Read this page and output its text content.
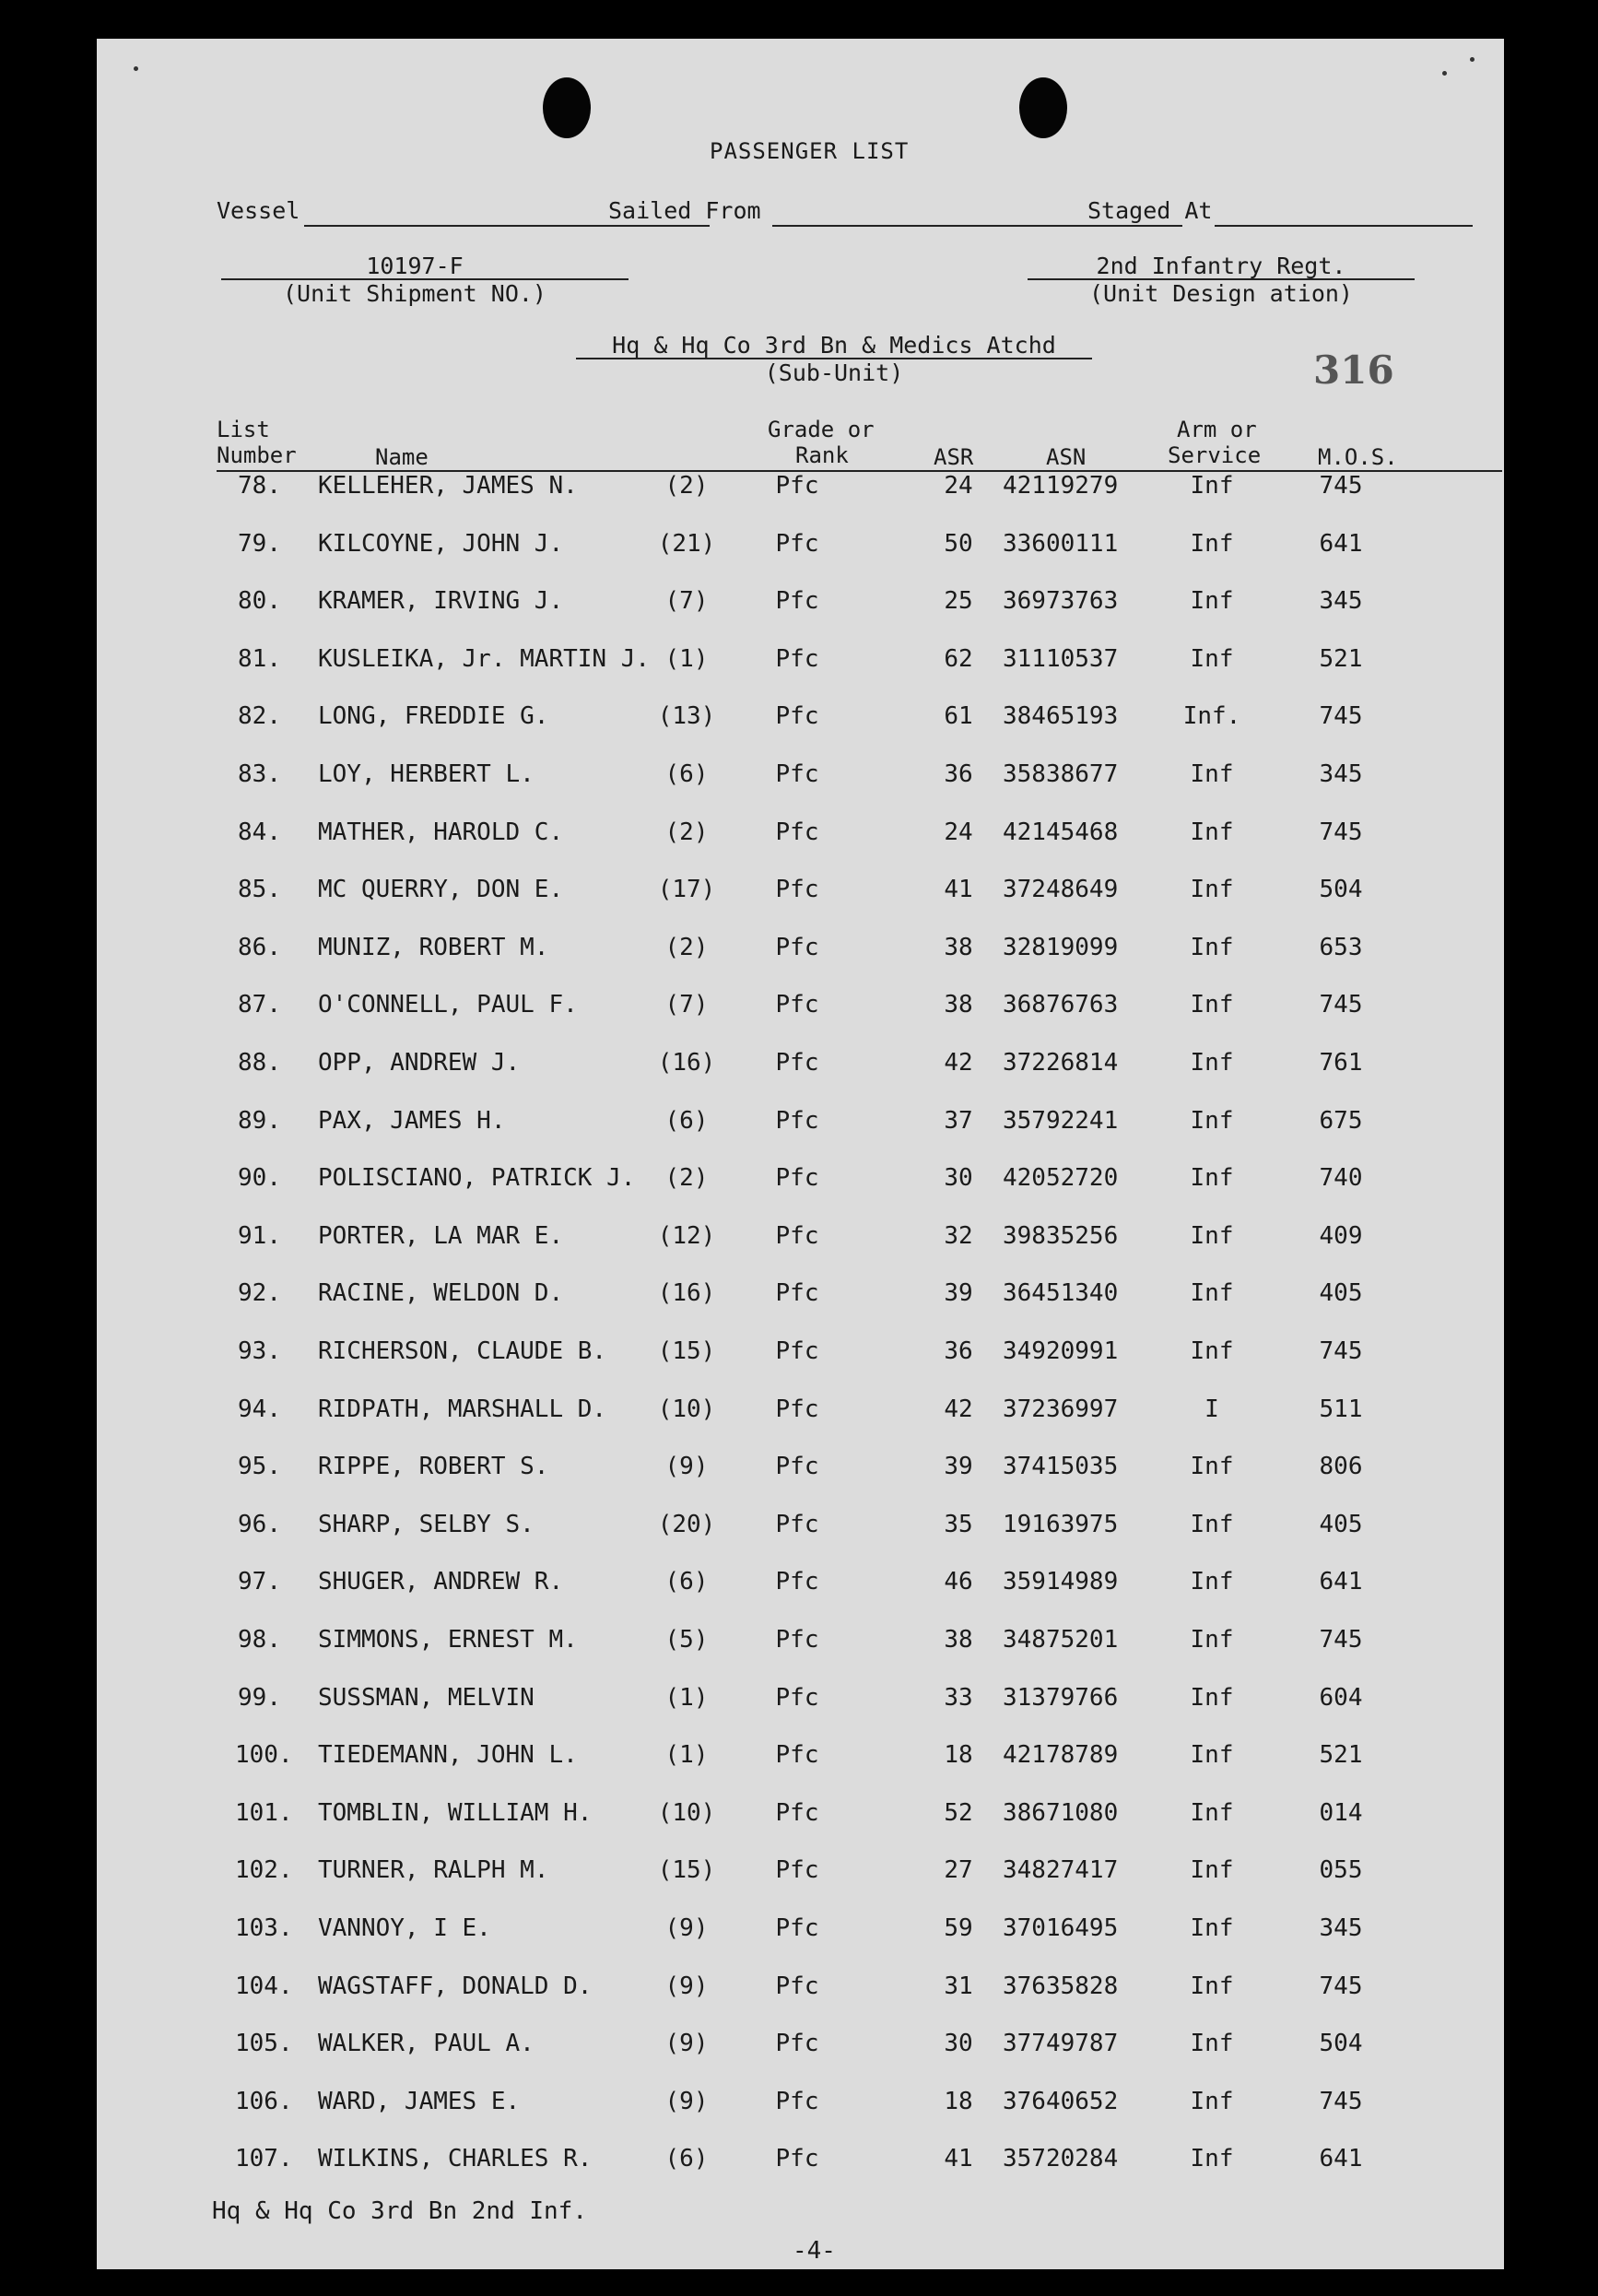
PASSENGER LIST
Vessel	Sailed From	Staged At
10197-F
(Unit Shipment NO.)
2nd Infantry Regt.
(Unit Design ation)
Hq & Hq Co 3rd Bn & Medics Atchd
(Sub-Unit)	316
List
Number	Name
Grade or
Rank	ASR	ASN
Arm or
Service	M.O.S.
78. KELLEHER, JAMES N.	(2)	Pfc	24	42119279	Inf	745
79. KILCOYNE, JOHN J.	(21)	Pfc	50	33600111	Inf	641
80. KRAMER, IRVING J.	(7)	Pfc	25	36973763	Inf	345
81. KUSLEIKA, Jr. MARTIN J. (1)	Pfc	62	31110537	Inf	521
82. LONG, FREDDIE G.	(13)	Pfc	61	38465193	Inf.	745
83. LOY, HERBERT L.	(6)	Pfc	36	35838677	Inf	345
84. MATHER, HAROLD C.	(2)	Pfc	24	42145468	Inf	745
85. MC QUERRY, DON E.	(17)	Pfc	41	37248649	Inf	504
86. MUNIZ, ROBERT M.	(2)	Pfc	38	32819099	Inf	653
87. O'CONNELL, PAUL F.	(7)	Pfc	38	36876763	Inf	745
88. OPP, ANDREW J.	(16)	Pfc	42	37226814	Inf	761
89. PAX, JAMES H.	(6)	Pfc	37	35792241	Inf	675
90. POLISCIANO, PATRICK J.	(2)	Pfc	30	42052720	Inf	740
91. PORTER, LA MAR E.	(12)	Pfc	32	39835256	Inf	409
92. RACINE, WELDON D.	(16)	Pfc	39	36451340	Inf	405
93. RICHERSON, CLAUDE B.	(15)	Pfc	36	34920991	Inf	745
94. RIDPATH, MARSHALL D.	(10)	Pfc	42	37236997	I	511
95. RIPPE, ROBERT S.	(9)	Pfc	39	37415035	Inf	806
96. SHARP, SELBY S.	(20)	Pfc	35	19163975	Inf	405
97. SHUGER, ANDREW R.	(6)	Pfc	46	35914989	Inf	641
98. SIMMONS, ERNEST M.	(5)	Pfc	38	34875201	Inf	745
99. SUSSMAN, MELVIN	(1)	Pfc	33	31379766	Inf	604
100. TIEDEMANN, JOHN L.	(1)	Pfc	18	42178789	Inf	521
101. TOMBLIN, WILLIAM H.	(10)	Pfc	52	38671080	Inf	014
102. TURNER, RALPH M.	(15)	Pfc	27	34827417	Inf	055
103. VANNOY, I E.	(9)	Pfc	59	37016495	Inf	345
104. WAGSTAFF, DONALD D.	(9)	Pfc	31	37635828	Inf	745
105. WALKER, PAUL A.	(9)	Pfc	30	37749787	Inf	504
106. WARD, JAMES E.	(9)	Pfc	18	37640652	Inf	745
107. WILKINS, CHARLES R.	(6)	Pfc	41	35720284	Inf	641
Hq & Hq Co 3rd Bn 2nd Inf.
-4-
